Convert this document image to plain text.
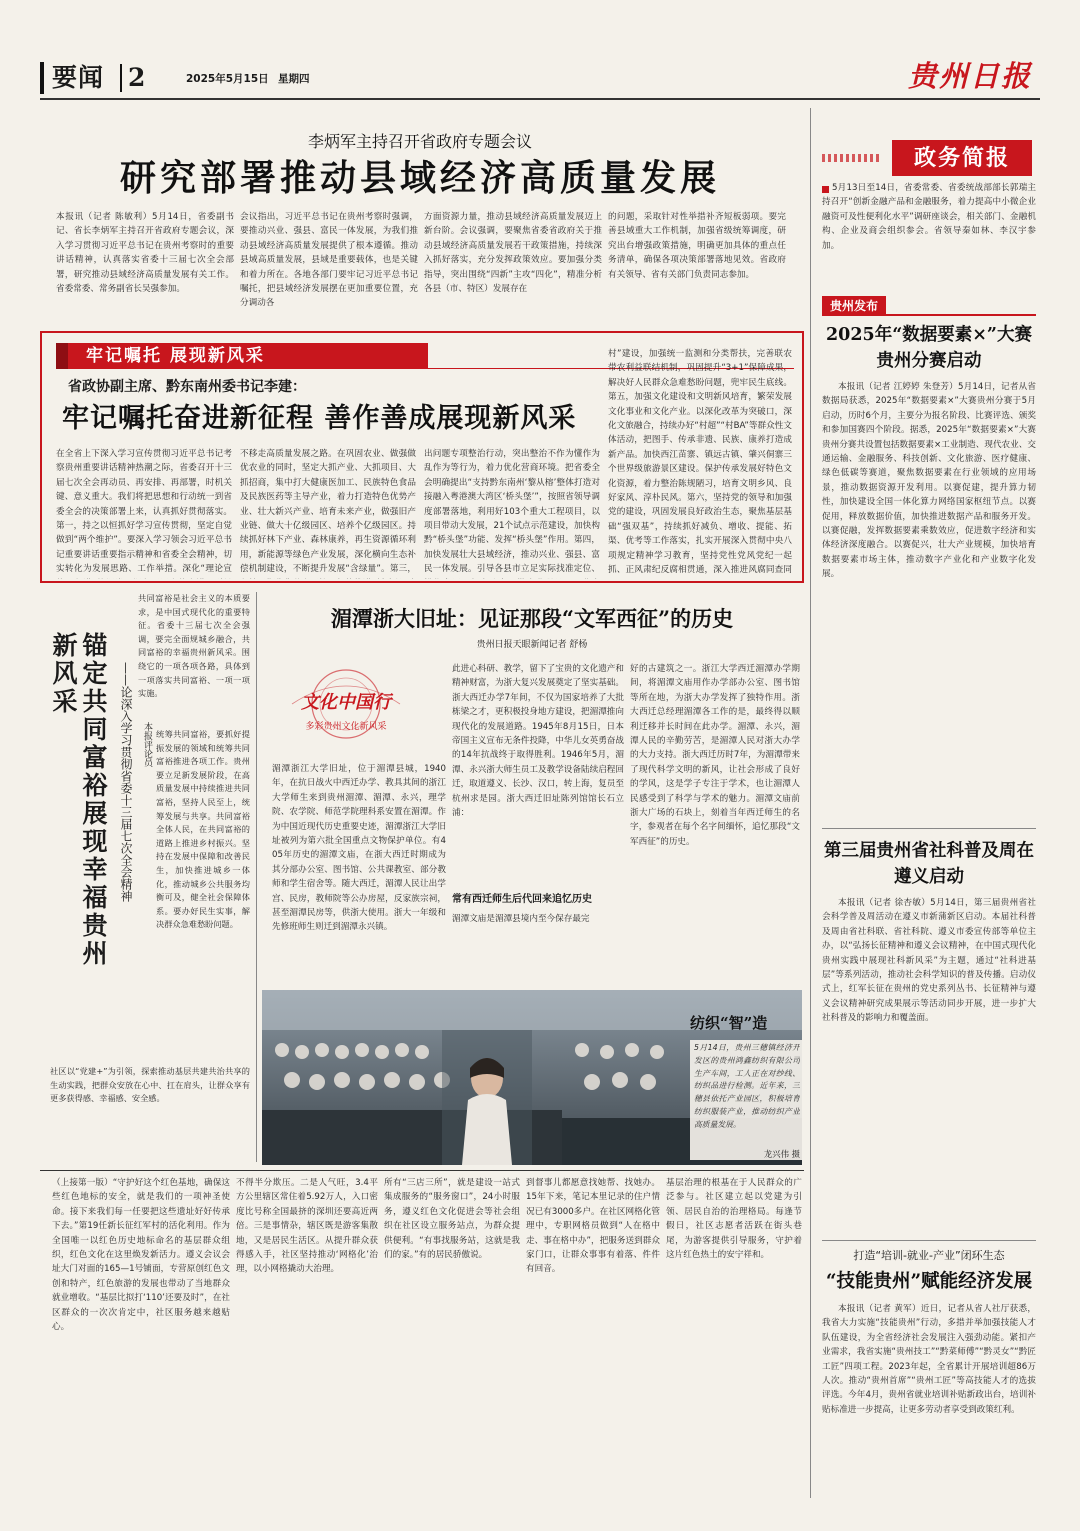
要闻 2	2025年5月15日 星期四	贵州日报
李炳军主持召开省政府专题会议
研究部署推动县域经济高质量发展
本报讯（记者 陈敏利）5月14日，省委副书记、省长李炳军主持召开省政府专题会议，深入学习贯彻习近平总书记在贵州考察时的重要讲话精神，认真落实省委十三届七次全会部署，研究推动县域经济高质量发展有关工作。省委常委、常务副省长吴强参加。
会议指出，习近平总书记在贵州考察时强调，要推动兴业、强县、富民一体发展，为我们推动县域经济高质量发展提供了根本遵循。推动县域高质量发展，县域是重要载体，也是关键和着力所在。各地各部门要牢记习近平总书记嘱托，把县域经济发展摆在更加重要位置，充分调动各
方面资源力量，推动县域经济高质量发展迈上新台阶。会议强调，要聚焦省委省政府关于推动县域经济高质量发展若干政策措施，持续深入抓好落实，充分发挥政策效应。要加强分类指导，突出围绕“四新”主攻“四化”，精准分析各县（市、特区）发展存在
的问题，采取针对性举措补齐短板弱项。要完善县域重大工作机制，加强省级统筹调度，研究出台增强政策措施，明确更加具体的重点任务清单，确保各项决策部署落地见效。省政府有关领导、省有关部门负责同志参加。
牢记嘱托 展现新风采
省政协副主席、黔东南州委书记李建：
牢记嘱托奋进新征程 善作善成展现新风采
在全省上下深入学习宣传贯彻习近平总书记考察贵州重要讲话精神热潮之际，省委召开十三届七次全会再动员、再安排、再部署，时机关键、意义重大。我们将把思想和行动统一到省委全会的决策部署上来，认真抓好贯彻落实。第一，持之以恒抓好学习宣传贯彻，坚定自觉做到“两个维护”。要深入学习领会习近平总书记重要讲话重要指示精神和省委全会精神，切实转化为发展思路、工作举措。深化“理论宣
不移走高质量发展之路。在巩固农业、做强做优农业的同时，坚定大抓产业、大抓项目、大抓招商，集中打大健康医加工、民族特色食品及民族医药等主导产业，着力打造特色优势产业、壮大新兴产业、培育未来产业，做强旧产业链、做大十亿级园区、培养个亿级园区。持续抓好林下产业、森林康养，再生资源循环利用，新能源等绿色产业发展，深化横向生态补偿机制建设，不断提升发展“含绿量”。第三，
出问题专项整治行动，突出整治不作为懂作为乱作为等行为，着力优化营商环境。把省委全会明确提出“支持黔东南州‘黎从榕’整体打造对接融入粤港澳大湾区‘桥头堡’”，按照省领导调度部署落地，利用好103个重大工程项目，以项目带动大发展，21个试点示范建设，加快构黔“桥头堡”功能、发挥“桥头堡”作用。第四，加快发展壮大县域经济，推动兴业、强县、富民一体发展。引导各县市立足实际找准定位、
村”建设，加强统一监测和分类帮扶，完善联农带农利益联结机制，巩固提升“3+1”保障成果，解决好人民群众急难愁盼问题，兜牢民生底线。第五，加强文化建设和文明新风培育，繁荣发展文化事业和文化产业。以深化改革为突破口，深化文旅融合，持续办好“村超”“村BA”等群众性文体活动，把图手、传承非遗、民族、康养打造成新产品。加快西江苗寨、镇远古镇、肇兴侗寨三个世界级旅游景区建设。保护传承发展好特色文化资源，着力整治陈规陋习，培育文明乡风、良好家风、淳朴民风。第六，坚持党的领导和加强党的建设，巩固发展良好政治生态，聚焦基层基础“强双基”，持续抓好减负、增收、提能、拓渠、优考等工作落实，扎实开展深入贯彻中央八项规定精神学习教育，坚持党性党风党纪一起抓、正风肃纪反腐相贯通，深入推进风腐同查同
共同富裕是社会主义的本质要求，是中国式现代化的重要特征。省委十三届七次全会强调，要完全面规城乡融合，共同富裕的幸福贵州新风采。围绕它的一项各项各路，具体到一项落实共同富裕、一项一项实施。
锚定共同富裕展现幸福贵州新风采	——论深入学习贯彻省委十三届七次全会精神	本报评论员 统筹共同富裕，要抓好提振发展的领域和统筹共同富裕推进各项工作。贵州要立足新发展阶段，在高质量发展中持续推进共同富裕，坚持人民至上，统筹发展与共享。共同富裕全体人民，在共同富裕的道路上推进乡村振兴。坚持在发展中保障和改善民生，加快推进城乡一体化，推动城乡公共服务均衡可及，健全社会保障体系。要办好民生实事，解决群众急难愁盼问题。
社区以“党建+”为引领，探索推动基层共建共治共享的生动实践，把群众安放在心中、扛在肩头，让群众享有更多获得感、幸福感、安全感。
湄潭浙大旧址：见证那段“文军西征”的历史
贵州日报天眼新闻记者 舒杨
文化中国行
多彩贵州文化新风采
湄潭浙江大学旧址，位于湄潭县城，1940年，在抗日战火中西迁办学、教具其间的浙江大学师生来到贵州湄潭、湄潭、永兴，理学院、农学院、师范学院理科系安置在湄潭。作为中国近现代历史重要史迹，湄潭浙江大学旧址被列为第六批全国重点文物保护单位。有405年历史的湄潭文庙，在浙大西迁时期成为其分部办公室、图书馆、公共课教室、部分教师和学生宿舍等。随大西迁，湄潭人民让出学宫、民房，教师院等公办房屋，反家族宗祠，甚至湄潭民房等，供浙大使用。浙大一年级和先修班师生则迁到湄潭永兴镇。
此进心科研、教学，留下了宝贵的文化遗产和精神财富，为浙大复兴发展奠定了坚实基础。浙大西迁办学7年间，不仅为国家培养了大批栋梁之才，更积极投身地方建设，把湄潭推向现代化的发展道路。1945年8月15日，日本帝国主义宣布无条件投降，中华儿女英勇奋战的14年抗战终于取得胜利。1946年5月，湄潭、永兴浙大师生员工及教学设备陆续启程回迁，取道遵义、长沙、汉口，转上海，复员至杭州求是园。浙大西迁旧址陈列馆馆长石立浦：
常有西迁师生后代回来追忆历史
湄潭文庙是湄潭县境内至今保存最完
好的古建筑之一。浙江大学西迁湄潭办学期间，将湄潭文庙用作办学部办公室、图书馆等所在地，为浙大办学发挥了独特作用。浙大西迁总经理湄潭各工作的是，最终得以顺利迁移并长时间在此办学。湄潭、永兴，湄潭人民的辛勤劳苦，是湄潭人民对浙大办学的大力支持。浙大西迁历时7年，为湄潭带来了现代科学文明的新风，让社会形成了良好的学风，这是学子专注于学术，也让湄潭人民感受到了科学与学术的魅力。湄潭文庙前浙大广场的石块上，刻着当年西迁师生的名字，参观者在每个名字间缅怀，追忆那段“文军西征”的历史。
纺织“智”造
5月14日，贵州三穗镇经济开发区的贵州鸿鑫纺织有限公司生产车间，工人正在对纱线、纺织品进行检测。近年来，三穗县依托产业园区，积极培育纺织服装产业，推动纺织产业高质量发展。
龙兴伟 摄
（上接第一版）“守护好这个红色基地，确保这些红色地标的安全，就是我们的一项神圣使命。接下来我们每一任要把这些遗址好好传承下去。”第19任新长征红军村的活化利用。作为全国唯一以红色历史地标命名的基层群众组织，红色文化在这里焕发新活力。遵义会议会址大门对面的165—1号铺面，专营原创红色文创和特产，红色旅游的发展也带动了当地群众就业增收。“基层比拟打‘110’还要及时”，在社区群众的一次次肯定中，社区服务越来越贴心。
不得半分欺压。二是人气旺，3.4平方公里辖区常住着5.92万人，入口密度比号称全国最挤的深圳还要高近两倍。三是事情杂，辖区既是游客集散地，又是居民生活区。从提升群众获得感入手，社区坚持推动‘网格化’治理，以小网格撬动大治理。
所有“三店三所”，就是建设一站式集成服务的“服务窗口”，24小时服务，遵义红色文化促进会等社会组织在社区设立服务站点，为群众提供便利。“有事找服务站，这就是我们的家。”有的居民骄傲说。
到督事儿都愿意找她帮、找她办。15年下来，笔记本里记录的住户情况已有3000多户。在社区网格化管理中，专职网格员做到“人在格中走、事在格中办”，把服务送到群众家门口，让群众事事有着落、件件有回音。
基层治理的根基在于人民群众的广泛参与。社区建立起以党建为引领、居民自治的治理格局。每逢节假日，社区志愿者活跃在街头巷尾，为游客提供引导服务，守护着这片红色热土的安宁祥和。
政务简报
5月13日至14日，省委常委、省委统战部部长郭瑞主持召开“创新金融产品和金融服务，着力提高中小微企业融资可及性便利化水平”调研座谈会，相关部门、金融机构、企业及商会组织参会。省领导秦如林、李汉宇参加。
贵州发布
2025年“数据要素×”大赛贵州分赛启动
本报讯（记者 江婷婷 朱登芳）5月14日，记者从省数据局获悉，2025年“数据要素×”大赛贵州分赛于5月启动，历时6个月，主要分为报名阶段、比赛评选、颁奖和参加国赛四个阶段。据悉，2025年“数据要素×”大赛贵州分赛共设置包括数据要素×工业制造、现代农业、交通运输、金融服务、科技创新、文化旅游、医疗健康、绿色低碳等赛道，聚焦数据要素在行业领域的应用场景，推动数据资源开发利用。以赛促建，提升算力韧性，加快建设全国一体化算力网络国家枢纽节点。以赛促用，释放数据价值，加快推进数据产品和服务开发。以赛促融，发挥数据要素乘数效应，促进数字经济和实体经济深度融合。以赛促兴，壮大产业规模，加快培育数据要素市场主体，推动数字产业化和产业数字化发展。
第三届贵州省社科普及周在遵义启动
本报讯（记者 徐杏敏）5月14日，第三届贵州省社会科学普及周活动在遵义市新蒲新区启动。本届社科普及周由省社科联、省社科院、遵义市委宣传部等单位主办，以“弘扬长征精神和遵义会议精神，在中国式现代化贵州实践中展现社科新风采”为主题，通过“社科进基层”等系列活动，推动社会科学知识的普及传播。启动仪式上，红军长征在贵州的党史系列丛书、长征精神与遵义会议精神研究成果展示等活动同步开展，进一步扩大社科普及的影响力和覆盖面。
打造“培训-就业-产业”闭环生态
“技能贵州”赋能经济发展
本报讯（记者 黄军）近日，记者从省人社厅获悉，我省大力实施“技能贵州”行动，多措并举加强技能人才队伍建设，为全省经济社会发展注入强劲动能。紧扣产业需求，我省实施“贵州技工”“黔菜师傅”“黔灵女”“黔匠工匠”四项工程。2023年起，全省累计开展培训超86万人次。推动“贵州首席”“贵州工匠”等高技能人才的选拔评选。今年4月，贵州省就业培训补贴新政出台，培训补贴标准进一步提高，让更多劳动者享受到政策红利。
